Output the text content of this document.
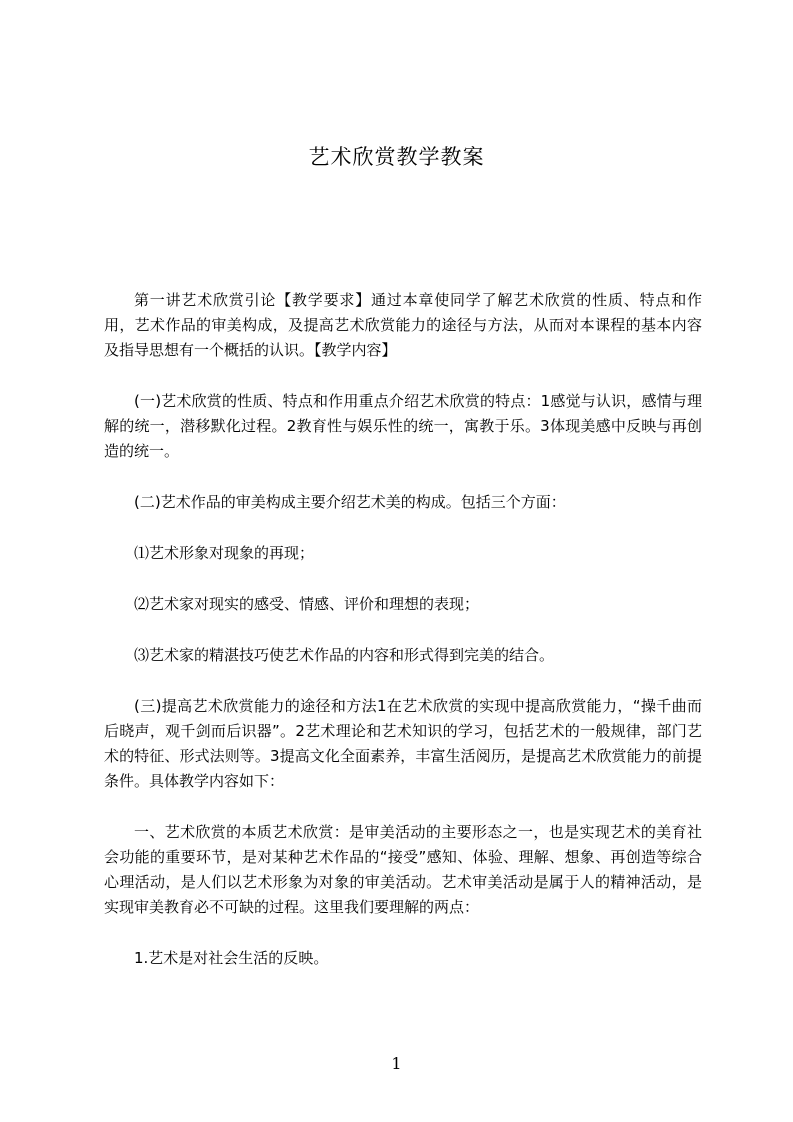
艺术欣赏教学教案

第一讲艺术欣赏引论【教学要求】通过本章使同学了解艺术欣赏的性质、特点和作用，艺术作品的审美构成，及提高艺术欣赏能力的途径与方法，从而对本课程的基本内容及指导思想有一个概括的认识。【教学内容】

(一)艺术欣赏的性质、特点和作用重点介绍艺术欣赏的特点：1感觉与认识，感情与理解的统一，潜移默化过程。2教育性与娱乐性的统一，寓教于乐。3体现美感中反映与再创造的统一。

(二)艺术作品的审美构成主要介绍艺术美的构成。包括三个方面：

⑴艺术形象对现象的再现；

⑵艺术家对现实的感受、情感、评价和理想的表现；

⑶艺术家的精湛技巧使艺术作品的内容和形式得到完美的结合。

(三)提高艺术欣赏能力的途径和方法1在艺术欣赏的实现中提高欣赏能力，“操千曲而后晓声，观千剑而后识器”。2艺术理论和艺术知识的学习，包括艺术的一般规律，部门艺术的特征、形式法则等。3提高文化全面素养，丰富生活阅历，是提高艺术欣赏能力的前提条件。具体教学内容如下：

一、艺术欣赏的本质艺术欣赏：是审美活动的主要形态之一，也是实现艺术的美育社会功能的重要环节，是对某种艺术作品的“接受”感知、体验、理解、想象、再创造等综合心理活动，是人们以艺术形象为对象的审美活动。艺术审美活动是属于人的精神活动，是实现审美教育必不可缺的过程。这里我们要理解的两点：

1.艺术是对社会生活的反映。

1
